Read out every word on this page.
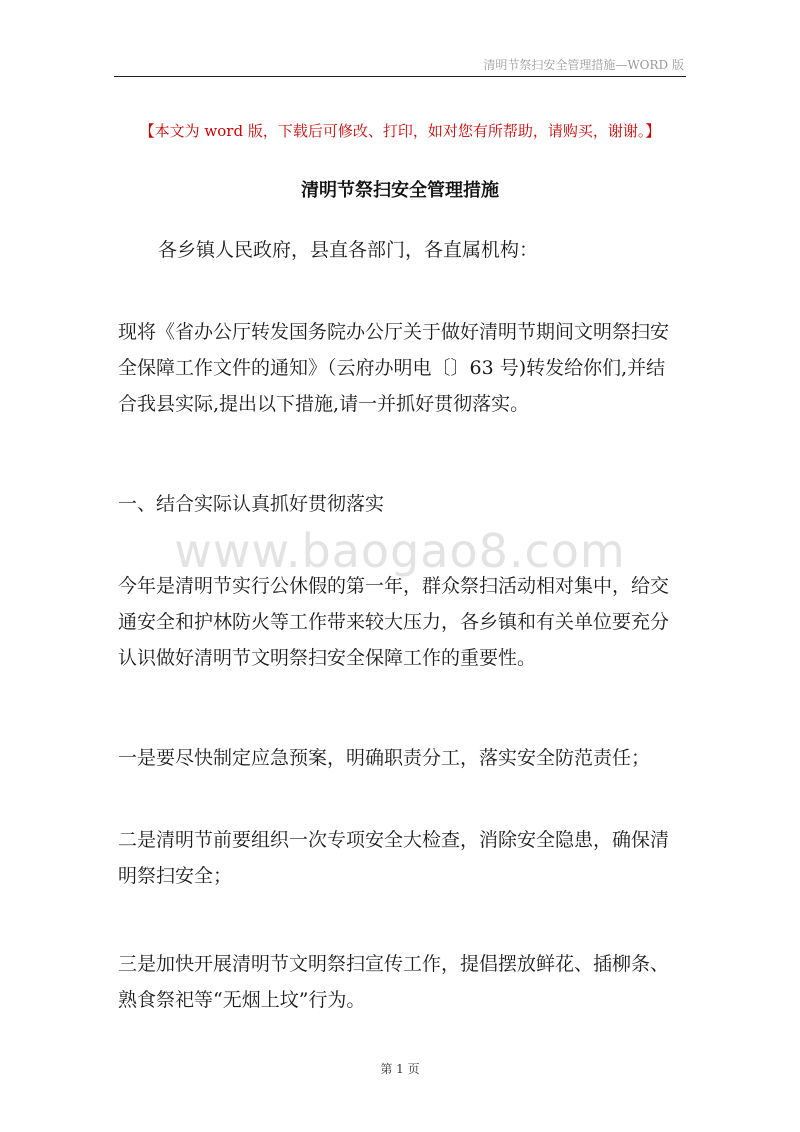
清明节祭扫安全管理措施—WORD 版
【本文为 word 版，下载后可修改、打印，如对您有所帮助，请购买，谢谢。】
清明节祭扫安全管理措施

各乡镇人民政府，县直各部门，各直属机构：

现将《省办公厅转发国务院办公厅关于做好清明节期间文明祭扫安全保障工作文件的通知》（云府办明电〔〕63 号)转发给你们,并结合我县实际,提出以下措施,请一并抓好贯彻落实。

一、结合实际认真抓好贯彻落实

www.baogao8.com

今年是清明节实行公休假的第一年，群众祭扫活动相对集中，给交通安全和护林防火等工作带来较大压力，各乡镇和有关单位要充分认识做好清明节文明祭扫安全保障工作的重要性。

一是要尽快制定应急预案，明确职责分工，落实安全防范责任；

二是清明节前要组织一次专项安全大检查，消除安全隐患，确保清明祭扫安全；

三是加快开展清明节文明祭扫宣传工作，提倡摆放鲜花、插柳条、熟食祭祀等“无烟上坟”行为。

第 1 页
